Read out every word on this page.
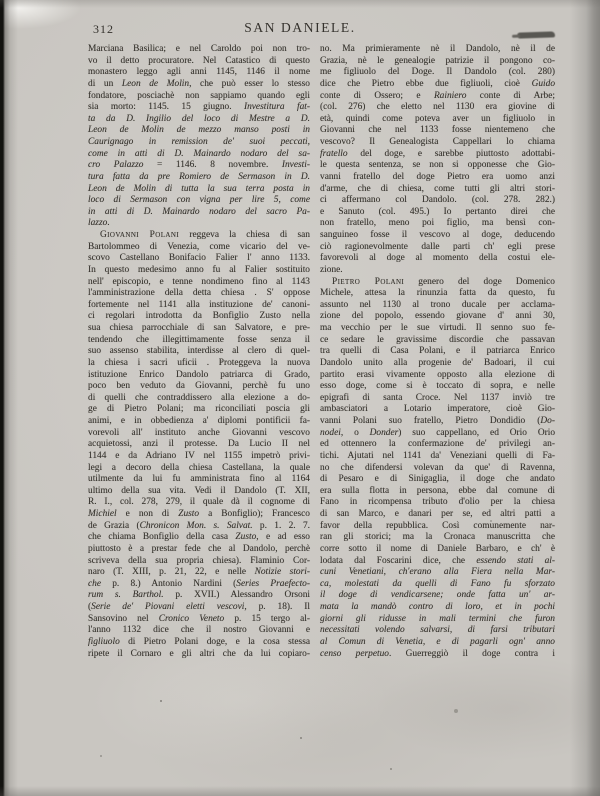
312	SAN DANIELE.
Marciana Basilica; e nel Caroldo poi non tro-
vo il detto procuratore. Nel Catastico di questo
monastero leggo agli anni 1145, 1146 il nome
di un Leon de Molin, che può esser lo stesso
fondatore, posciachè non sappiamo quando egli
sia morto: 1145. 15 giugno. Investitura fat-
ta da D. Ingilio del loco di Mestre a D.
Leon de Molin de mezzo manso posti in
Caurignago in remission de' suoi peccati,
come in atti di D. Mainardo nodaro del sa-
cro Palazzo = 1146. 8 novembre. Investi-
tura fatta da pre Romiero de Sermason in D.
Leon de Molin di tutta la sua terra posta in
loco di Sermason con vigna per lire 5, come
in atti di D. Mainardo nodaro del sacro Pa-
lazzo.
Giovanni Polani reggeva la chiesa di san
Bartolommeo di Venezia, come vicario del ve-
scovo Castellano Bonifacio Falier l' anno 1133.
In questo medesimo anno fu al Falier sostituito
nell' episcopio, e tenne nondimeno fino al 1143
l'amministrazione della detta chiesa . S' oppose
fortemente nel 1141 alla instituzione de' canoni-
ci regolari introdotta da Bonfiglio Zusto nella
sua chiesa parrocchiale di san Salvatore, e pre-
tendendo che illegittimamente fosse senza il
suo assenso stabilita, interdisse al clero di quel-
la chiesa i sacri uficii . Proteggeva la nuova
istituzione Enrico Dandolo patriarca di Grado,
poco ben veduto da Giovanni, perchè fu uno
di quelli che contraddissero alla elezione a do-
ge di Pietro Polani; ma riconciliati poscia gli
animi, e in obbedienza a' diplomi pontificii fa-
vorevoli all' instituto anche Giovanni vescovo
acquietossi, anzi il protesse. Da Lucio II nel
1144 e da Adriano IV nel 1155 impetrò privi-
legi a decoro della chiesa Castellana, la quale
utilmente da lui fu amministrata fino al 1164
ultimo della sua vita. Vedi il Dandolo (T. XII,
R. I., col. 278, 279, il quale dà il cognome di
Michiel e non di Zusto a Bonfiglio); Francesco
de Grazia (Chronicon Mon. s. Salvat. p. 1. 2. 7.
che chiama Bonfiglio della casa Zusto, e ad esso
piuttosto è a prestar fede che al Dandolo, perchè
scriveva della sua propria chiesa). Flaminio Cor-
naro (T. XIII, p. 21, 22, e nelle Notizie stori-
che p. 8.) Antonio Nardini (Series Praefecto-
rum s. Barthol. p. XVII.) Alessandro Orsoni
(Serie de' Piovani eletti vescovi, p. 18). Il
Sansovino nel Cronico Veneto p. 15 tergo al-
l'anno 1132 dice che il nostro Giovanni e
figliuolo di Pietro Polani doge, e la cosa stessa
ripete il Cornaro e gli altri che da lui copiaro-
no. Ma primieramente nè il Dandolo, nè il de
Grazia, nè le genealogie patrizie il pongono co-
me figliuolo del Doge. Il Dandolo (col. 280)
dice che Pietro ebbe due figliuoli, cioè Guido
conte di Ossero; e Rainiero conte di Arbe;
(col. 276) che eletto nel 1130 era giovine di
età, quindi come poteva aver un figliuolo in
Giovanni che nel 1133 fosse nientemeno che
vescovo? Il Genealogista Cappellari lo chiama
fratello del doge, e sarebbe piuttosto adottabi-
le questa sentenza, se non si opponesse che Gio-
vanni fratello del doge Pietro era uomo anzi
d'arme, che di chiesa, come tutti gli altri stori-
ci affermano col Dandolo. (col. 278. 282.)
e Sanuto (col. 495.) Io pertanto direi che
non fratello, meno poi figlio, ma bensì con-
sanguineo fosse il vescovo al doge, deducendo
ciò ragionevolmente dalle parti ch' egli prese
favorevoli al doge al momento della costui ele-
zione.
Pietro Polani genero del doge Domenico
Michele, attesa la rinunzia fatta da questo, fu
assunto nel 1130 al trono ducale per acclama-
zione del popolo, essendo giovane d' anni 30,
ma vecchio per le sue virtudi. Il senno suo fe-
ce sedare le gravissime discordie che passavan
tra quelli di Casa Polani, e il patriarca Enrico
Dandolo unito alla progenie de' Badoari, il cui
partito erasi vivamente opposto alla elezione di
esso doge, come si è toccato di sopra, e nelle
epigrafi di santa Croce. Nel 1137 inviò tre
ambasciatori a Lotario imperatore, cioè Gio-
vanni Polani suo fratello, Pietro Dondidio (Do-
nodei, o Donder) suo cappellano, ed Orio Orio
ed ottennero la confermazione de' privilegi an-
tichi. Ajutati nel 1141 da' Veneziani quelli di Fa-
no che difendersi volevan da que' di Ravenna,
di Pesaro e di Sinigaglia, il doge che andato
era sulla flotta in persona, ebbe dal comune di
Fano in ricompensa tributo d'olio per la chiesa
di san Marco, e danari per se, ed altri patti a
favor della repubblica. Così comunemente nar-
ran gli storici; ma la Cronaca manuscritta che
corre sotto il nome di Daniele Barbaro, e ch' è
lodata dal Foscarini dice, che essendo stati al-
cuni Venetiani, ch'erano alla Fiera nella Mar-
ca, molestati da quelli di Fano fu sforzato
il doge di vendicarsene; onde fatta un' ar-
mata la mandò contro di loro, et in pochi
giorni gli ridusse in mali termini che furon
necessitati volendo salvarsi, di farsi tributari
al Comun di Venetia, e di pagarli ogn' anno
censo perpetuo. Guerreggiò il doge contra i
